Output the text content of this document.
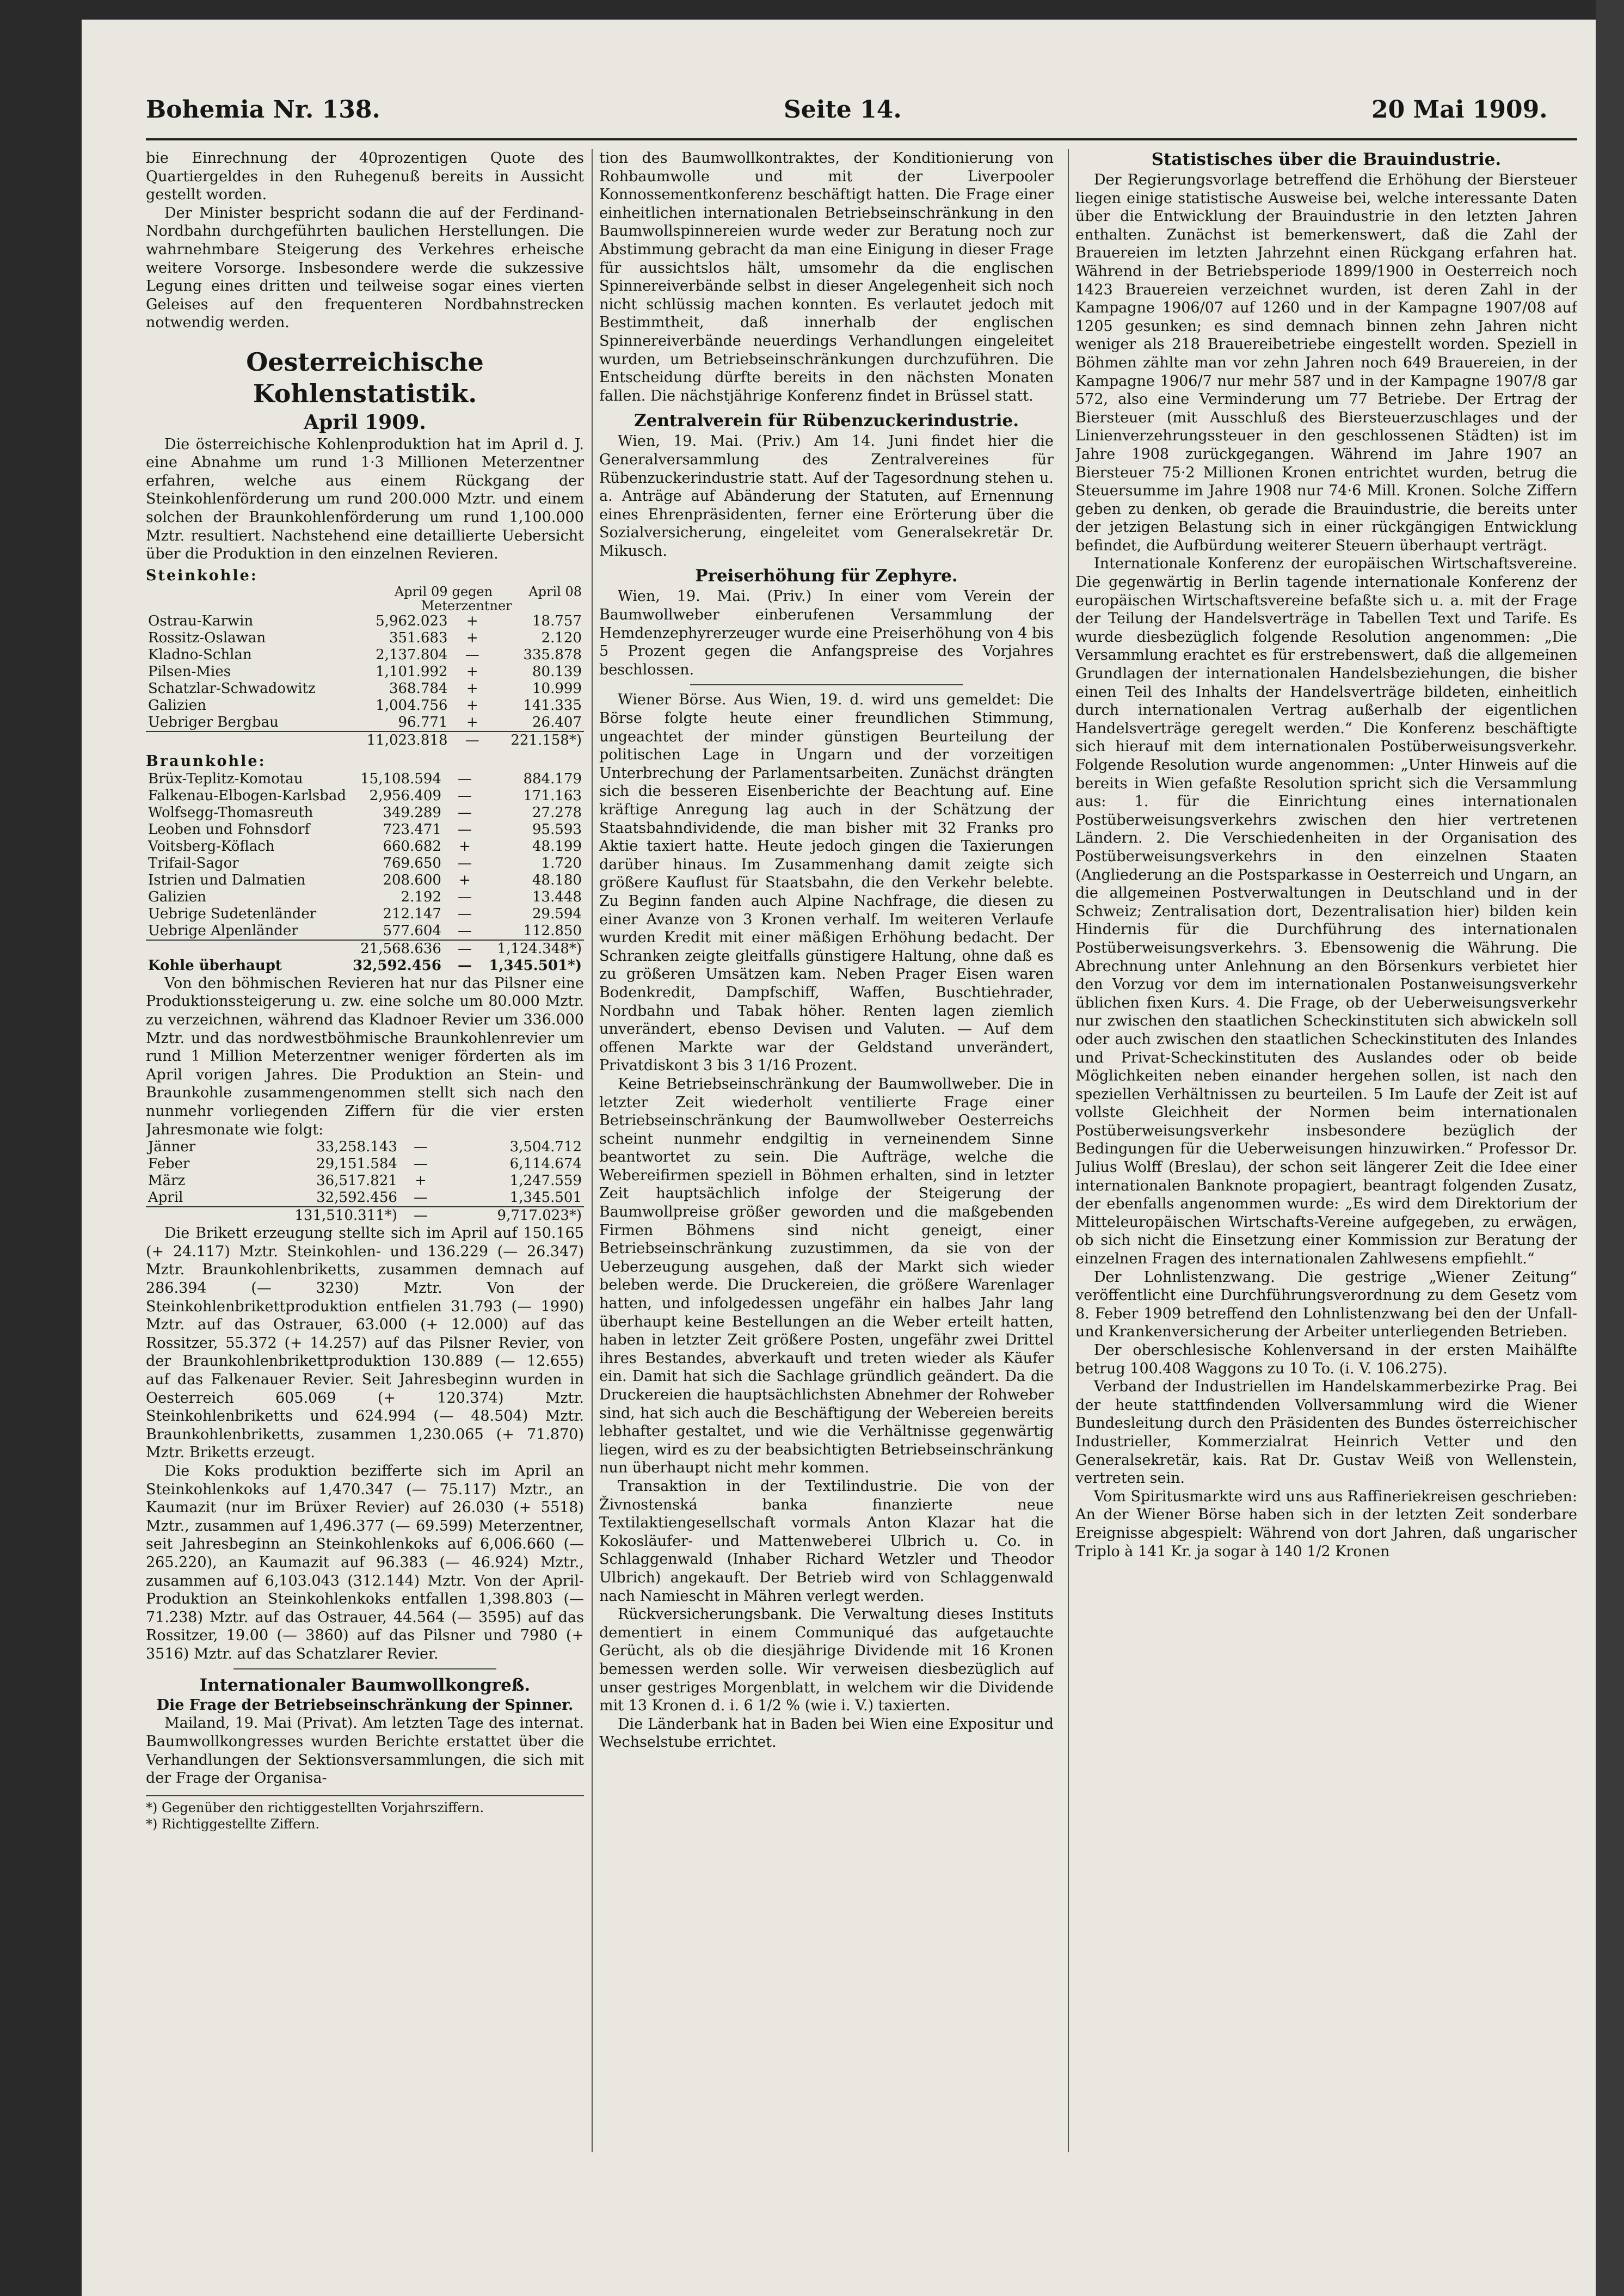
Bohemia Nr. 138.	Seite 14.	20 Mai 1909.

bie Einrechnung der 40prozentigen Quote des Quartiergeldes in den Ruhegenuß bereits in Aussicht gestellt worden.

Der Minister bespricht sodann die auf der Ferdinand-Nordbahn durchgeführten baulichen Herstellungen. Die wahrnehmbare Steigerung des Verkehres erheische weitere Vorsorge. Insbesondere werde die sukzessive Legung eines dritten und teilweise sogar eines vierten Geleises auf den frequenteren Nordbahnstrecken notwendig werden.

Oesterreichische Kohlenstatistik.
April 1909.

Die österreichische Kohlenproduktion hat im April d. J. eine Abnahme um rund 1·3 Millionen Meterzentner erfahren, welche aus einem Rückgang der Steinkohlenförderung um rund 200.000 Mztr. und einem solchen der Braunkohlenförderung um rund 1,100.000 Mztr. resultiert. Nachstehend eine detaillierte Uebersicht über die Produktion in den einzelnen Revieren.

Steinkohle:
	April 09	gegen	April 08
	Meterzentner		
Ostrau-Karwin	5,962.023	+	18.757
Rossitz-Oslawan	351.683	+	2.120
Kladno-Schlan	2,137.804	—	335.878
Pilsen-Mies	1,101.992	+	80.139
Schatzlar-Schwadowitz	368.784	+	10.999
Galizien	1,004.756	+	141.335
Uebriger Bergbau	96.771	+	26.407
	11,023.818	—	221.158*)
Braunkohle:
Brüx-Teplitz-Komotau	15,108.594	—	884.179
Falkenau-Elbogen-Karlsbad	2,956.409	—	171.163
Wolfsegg-Thomasreuth	349.289	—	27.278
Leoben und Fohnsdorf	723.471	—	95.593
Voitsberg-Köflach	660.682	+	48.199
Trifail-Sagor	769.650	—	1.720
Istrien und Dalmatien	208.600	+	48.180
Galizien	2.192	—	13.448
Uebrige Sudetenländer	212.147	—	29.594
Uebrige Alpenländer	577.604	—	112.850
	21,568.636	—	1,124.348*)
Kohle überhaupt	32,592.456	—	1,345.501*)

Von den böhmischen Revieren hat nur das Pilsner eine Produktionssteigerung u. zw. eine solche um 80.000 Mztr. zu verzeichnen, während das Kladnoer Revier um 336.000 Mztr. und das nordwestböhmische Braunkohlenrevier um rund 1 Million Meterzentner weniger förderten als im April vorigen Jahres. Die Produktion an Stein- und Braunkohle zusammengenommen stellt sich nach den nunmehr vorliegenden Ziffern für die vier ersten Jahresmonate wie folgt:

Jänner	33,258.143	—	3,504.712
Feber	29,151.584	—	6,114.674
März	36,517.821	+	1,247.559
April	32,592.456	—	1,345.501
	131,510.311*)	—	9,717.023*)

Die Brikett erzeugung stellte sich im April auf 150.165 (+ 24.117) Mztr. Steinkohlen- und 136.229 (— 26.347) Mztr. Braunkohlenbriketts, zusammen demnach auf 286.394 (— 3230) Mztr. Von der Steinkohlenbrikettproduktion entfielen 31.793 (— 1990) Mztr. auf das Ostrauer, 63.000 (+ 12.000) auf das Rossitzer, 55.372 (+ 14.257) auf das Pilsner Revier, von der Braunkohlenbrikettproduktion 130.889 (— 12.655) auf das Falkenauer Revier. Seit Jahresbeginn wurden in Oesterreich 605.069 (+ 120.374) Mztr. Steinkohlenbriketts und 624.994 (— 48.504) Mztr. Braunkohlenbriketts, zusammen 1,230.065 (+ 71.870) Mztr. Briketts erzeugt.

Die Koks produktion bezifferte sich im April an Steinkohlenkoks auf 1,470.347 (— 75.117) Mztr., an Kaumazit (nur im Brüxer Revier) auf 26.030 (+ 5518) Mztr., zusammen auf 1,496.377 (— 69.599) Meterzentner, seit Jahresbeginn an Steinkohlenkoks auf 6,006.660 (— 265.220), an Kaumazit auf 96.383 (— 46.924) Mztr., zusammen auf 6,103.043 (312.144) Mztr. Von der April-Produktion an Steinkohlenkoks entfallen 1,398.803 (— 71.238) Mztr. auf das Ostrauer, 44.564 (— 3595) auf das Rossitzer, 19.00 (— 3860) auf das Pilsner und 7980 (+ 3516) Mztr. auf das Schatzlarer Revier.

Internationaler Baumwollkongreß.
Die Frage der Betriebseinschränkung der Spinner.

Mailand, 19. Mai (Privat). Am letzten Tage des internat. Baumwollkongresses wurden Berichte erstattet über die Verhandlungen der Sektionsversammlungen, die sich mit der Frage der Organisa-

*) Gegenüber den richtiggestellten Vorjahrsziffern.
*) Richtiggestellte Ziffern.

tion des Baumwollkontraktes, der Konditionierung von Rohbaumwolle und mit der Liverpooler Konnossementkonferenz beschäftigt hatten. Die Frage einer einheitlichen internationalen Betriebseinschränkung in den Baumwollspinnereien wurde weder zur Beratung noch zur Abstimmung gebracht da man eine Einigung in dieser Frage für aussichtslos hält, umsomehr da die englischen Spinnereiverbände selbst in dieser Angelegenheit sich noch nicht schlüssig machen konnten. Es verlautet jedoch mit Bestimmtheit, daß innerhalb der englischen Spinnereiverbände neuerdings Verhandlungen eingeleitet wurden, um Betriebseinschränkungen durchzuführen. Die Entscheidung dürfte bereits in den nächsten Monaten fallen. Die nächstjährige Konferenz findet in Brüssel statt.

Zentralverein für Rübenzuckerindustrie.

Wien, 19. Mai. (Priv.) Am 14. Juni findet hier die Generalversammlung des Zentralvereines für Rübenzuckerindustrie statt. Auf der Tagesordnung stehen u. a. Anträge auf Abänderung der Statuten, auf Ernennung eines Ehrenpräsidenten, ferner eine Erörterung über die Sozialversicherung, eingeleitet vom Generalsekretär Dr. Mikusch.

Preiserhöhung für Zephyre.

Wien, 19. Mai. (Priv.) In einer vom Verein der Baumwollweber einberufenen Versammlung der Hemdenzephyrerzeuger wurde eine Preiserhöhung von 4 bis 5 Prozent gegen die Anfangspreise des Vorjahres beschlossen.

Wiener Börse. Aus Wien, 19. d. wird uns gemeldet: Die Börse folgte heute einer freundlichen Stimmung, ungeachtet der minder günstigen Beurteilung der politischen Lage in Ungarn und der vorzeitigen Unterbrechung der Parlamentsarbeiten. Zunächst drängten sich die besseren Eisenberichte der Beachtung auf. Eine kräftige Anregung lag auch in der Schätzung der Staatsbahndividende, die man bisher mit 32 Franks pro Aktie taxiert hatte. Heute jedoch gingen die Taxierungen darüber hinaus. Im Zusammenhang damit zeigte sich größere Kauflust für Staatsbahn, die den Verkehr belebte. Zu Beginn fanden auch Alpine Nachfrage, die diesen zu einer Avanze von 3 Kronen verhalf. Im weiteren Verlaufe wurden Kredit mit einer mäßigen Erhöhung bedacht. Der Schranken zeigte gleitfalls günstigere Haltung, ohne daß es zu größeren Umsätzen kam. Neben Prager Eisen waren Bodenkredit, Dampfschiff, Waffen, Buschtiehrader, Nordbahn und Tabak höher. Renten lagen ziemlich unverändert, ebenso Devisen und Valuten. — Auf dem offenen Markte war der Geldstand unverändert, Privatdiskont 3 bis 3 1/16 Prozent.

Keine Betriebseinschränkung der Baumwollweber. Die in letzter Zeit wiederholt ventilierte Frage einer Betriebseinschränkung der Baumwollweber Oesterreichs scheint nunmehr endgiltig in verneinendem Sinne beantwortet zu sein. Die Aufträge, welche die Webereifirmen speziell in Böhmen erhalten, sind in letzter Zeit hauptsächlich infolge der Steigerung der Baumwollpreise größer geworden und die maßgebenden Firmen Böhmens sind nicht geneigt, einer Betriebseinschränkung zuzustimmen, da sie von der Ueberzeugung ausgehen, daß der Markt sich wieder beleben werde. Die Druckereien, die größere Warenlager hatten, und infolgedessen ungefähr ein halbes Jahr lang überhaupt keine Bestellungen an die Weber erteilt hatten, haben in letzter Zeit größere Posten, ungefähr zwei Drittel ihres Bestandes, abverkauft und treten wieder als Käufer ein. Damit hat sich die Sachlage gründlich geändert. Da die Druckereien die hauptsächlichsten Abnehmer der Rohweber sind, hat sich auch die Beschäftigung der Webereien bereits lebhafter gestaltet, und wie die Verhältnisse gegenwärtig liegen, wird es zu der beabsichtigten Betriebseinschränkung nun überhaupt nicht mehr kommen.

Transaktion in der Textilindustrie. Die von der Živnostenská banka finanzierte neue Textilaktiengesellschaft vormals Anton Klazar hat die Kokosläufer- und Mattenweberei Ulbrich u. Co. in Schlaggenwald (Inhaber Richard Wetzler und Theodor Ulbrich) angekauft. Der Betrieb wird von Schlaggenwald nach Namiescht in Mähren verlegt werden.

Rückversicherungsbank. Die Verwaltung dieses Instituts dementiert in einem Communiqué das aufgetauchte Gerücht, als ob die diesjährige Dividende mit 16 Kronen bemessen werden solle. Wir verweisen diesbezüglich auf unser gestriges Morgenblatt, in welchem wir die Dividende mit 13 Kronen d. i. 6 1/2 % (wie i. V.) taxierten.

Die Länderbank hat in Baden bei Wien eine Expositur und Wechselstube errichtet.

Statistisches über die Brauindustrie.

Der Regierungsvorlage betreffend die Erhöhung der Biersteuer liegen einige statistische Ausweise bei, welche interessante Daten über die Entwicklung der Brauindustrie in den letzten Jahren enthalten. Zunächst ist bemerkenswert, daß die Zahl der Brauereien im letzten Jahrzehnt einen Rückgang erfahren hat. Während in der Betriebsperiode 1899/1900 in Oesterreich noch 1423 Brauereien verzeichnet wurden, ist deren Zahl in der Kampagne 1906/07 auf 1260 und in der Kampagne 1907/08 auf 1205 gesunken; es sind demnach binnen zehn Jahren nicht weniger als 218 Brauereibetriebe eingestellt worden. Speziell in Böhmen zählte man vor zehn Jahren noch 649 Brauereien, in der Kampagne 1906/7 nur mehr 587 und in der Kampagne 1907/8 gar 572, also eine Verminderung um 77 Betriebe. Der Ertrag der Biersteuer (mit Ausschluß des Biersteuerzuschlages und der Linienverzehrungssteuer in den geschlossenen Städten) ist im Jahre 1908 zurückgegangen. Während im Jahre 1907 an Biersteuer 75·2 Millionen Kronen entrichtet wurden, betrug die Steuersumme im Jahre 1908 nur 74·6 Mill. Kronen. Solche Ziffern geben zu denken, ob gerade die Brauindustrie, die bereits unter der jetzigen Belastung sich in einer rückgängigen Entwicklung befindet, die Aufbürdung weiterer Steuern überhaupt verträgt.

Internationale Konferenz der europäischen Wirtschaftsvereine. Die gegenwärtig in Berlin tagende internationale Konferenz der europäischen Wirtschaftsvereine befaßte sich u. a. mit der Frage der Teilung der Handelsverträge in Tabellen Text und Tarife. Es wurde diesbezüglich folgende Resolution angenommen: „Die Versammlung erachtet es für erstrebenswert, daß die allgemeinen Grundlagen der internationalen Handelsbeziehungen, die bisher einen Teil des Inhalts der Handelsverträge bildeten, einheitlich durch internationalen Vertrag außerhalb der eigentlichen Handelsverträge geregelt werden.“ Die Konferenz beschäftigte sich hierauf mit dem internationalen Postüberweisungsverkehr. Folgende Resolution wurde angenommen: „Unter Hinweis auf die bereits in Wien gefaßte Resolution spricht sich die Versammlung aus: 1. für die Einrichtung eines internationalen Postüberweisungsverkehrs zwischen den hier vertretenen Ländern. 2. Die Verschiedenheiten in der Organisation des Postüberweisungsverkehrs in den einzelnen Staaten (Angliederung an die Postsparkasse in Oesterreich und Ungarn, an die allgemeinen Postverwaltungen in Deutschland und in der Schweiz; Zentralisation dort, Dezentralisation hier) bilden kein Hindernis für die Durchführung des internationalen Postüberweisungsverkehrs. 3. Ebensowenig die Währung. Die Abrechnung unter Anlehnung an den Börsenkurs verbietet hier den Vorzug vor dem im internationalen Postanweisungsverkehr üblichen fixen Kurs. 4. Die Frage, ob der Ueberweisungsverkehr nur zwischen den staatlichen Scheckinstituten sich abwickeln soll oder auch zwischen den staatlichen Scheckinstituten des Inlandes und Privat-Scheckinstituten des Auslandes oder ob beide Möglichkeiten neben einander hergehen sollen, ist nach den speziellen Verhältnissen zu beurteilen. 5 Im Laufe der Zeit ist auf vollste Gleichheit der Normen beim internationalen Postüberweisungsverkehr insbesondere bezüglich der Bedingungen für die Ueberweisungen hinzuwirken.“ Professor Dr. Julius Wolff (Breslau), der schon seit längerer Zeit die Idee einer internationalen Banknote propagiert, beantragt folgenden Zusatz, der ebenfalls angenommen wurde: „Es wird dem Direktorium der Mitteleuropäischen Wirtschafts-Vereine aufgegeben, zu erwägen, ob sich nicht die Einsetzung einer Kommission zur Beratung der einzelnen Fragen des internationalen Zahlwesens empfiehlt.“

Der Lohnlistenzwang. Die gestrige „Wiener Zeitung“ veröffentlicht eine Durchführungsverordnung zu dem Gesetz vom 8. Feber 1909 betreffend den Lohnlistenzwang bei den der Unfall- und Krankenversicherung der Arbeiter unterliegenden Betrieben.

Der oberschlesische Kohlenversand in der ersten Maihälfte betrug 100.408 Waggons zu 10 To. (i. V. 106.275).

Verband der Industriellen im Handelskammerbezirke Prag. Bei der heute stattfindenden Vollversammlung wird die Wiener Bundesleitung durch den Präsidenten des Bundes österreichischer Industrieller, Kommerzialrat Heinrich Vetter und den Generalsekretär, kais. Rat Dr. Gustav Weiß von Wellenstein, vertreten sein.

Vom Spiritusmarkte wird uns aus Raffineriekreisen geschrieben: An der Wiener Börse haben sich in der letzten Zeit sonderbare Ereignisse abgespielt: Während von dort Jahren, daß ungarischer Triplo à 141 Kr. ja sogar à 140 1/2 Kronen
